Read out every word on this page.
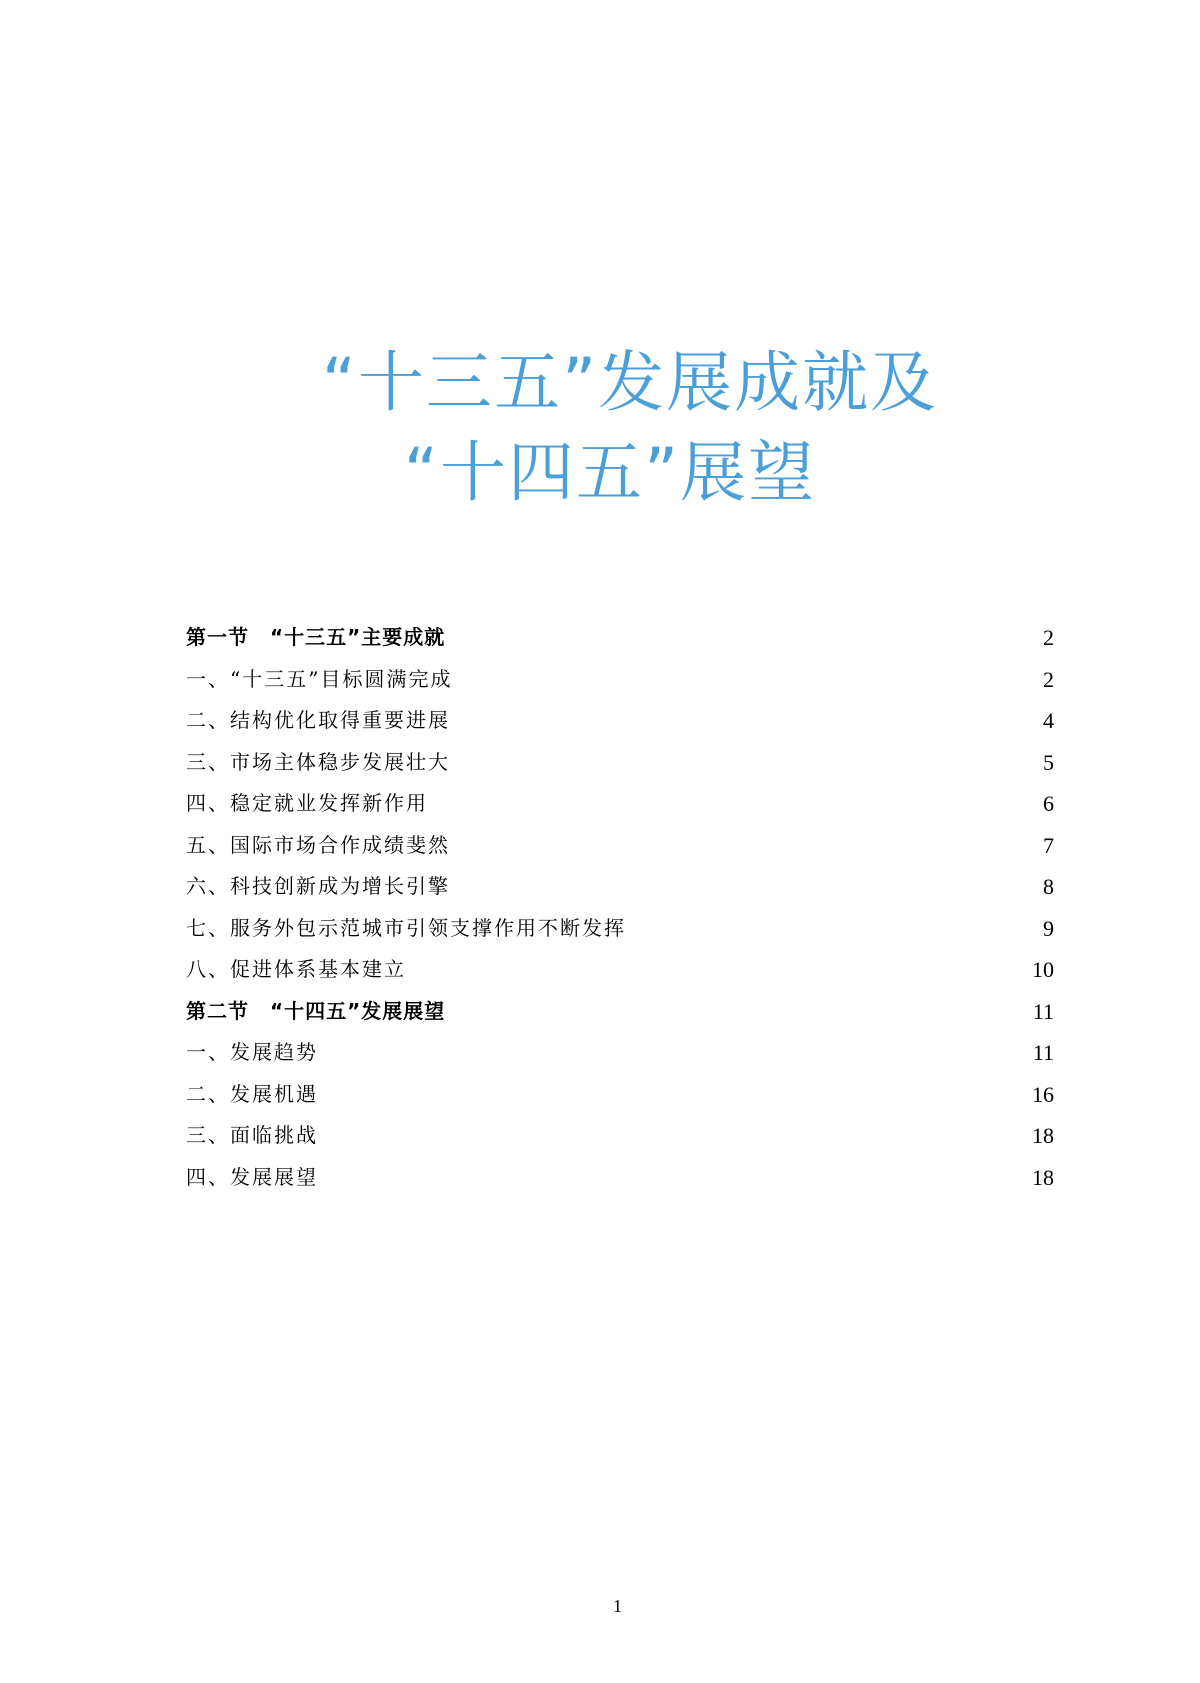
“十三五”发展成就及
“十四五”展望
第一节　“十三五”主要成就	2
一、“十三五”目标圆满完成	2
二、结构优化取得重要进展	4
三、市场主体稳步发展壮大	5
四、稳定就业发挥新作用	6
五、国际市场合作成绩斐然	7
六、科技创新成为增长引擎	8
七、服务外包示范城市引领支撑作用不断发挥	9
八、促进体系基本建立	10
第二节　“十四五”发展展望	11
一、发展趋势	11
二、发展机遇	16
三、面临挑战	18
四、发展展望	18
1
